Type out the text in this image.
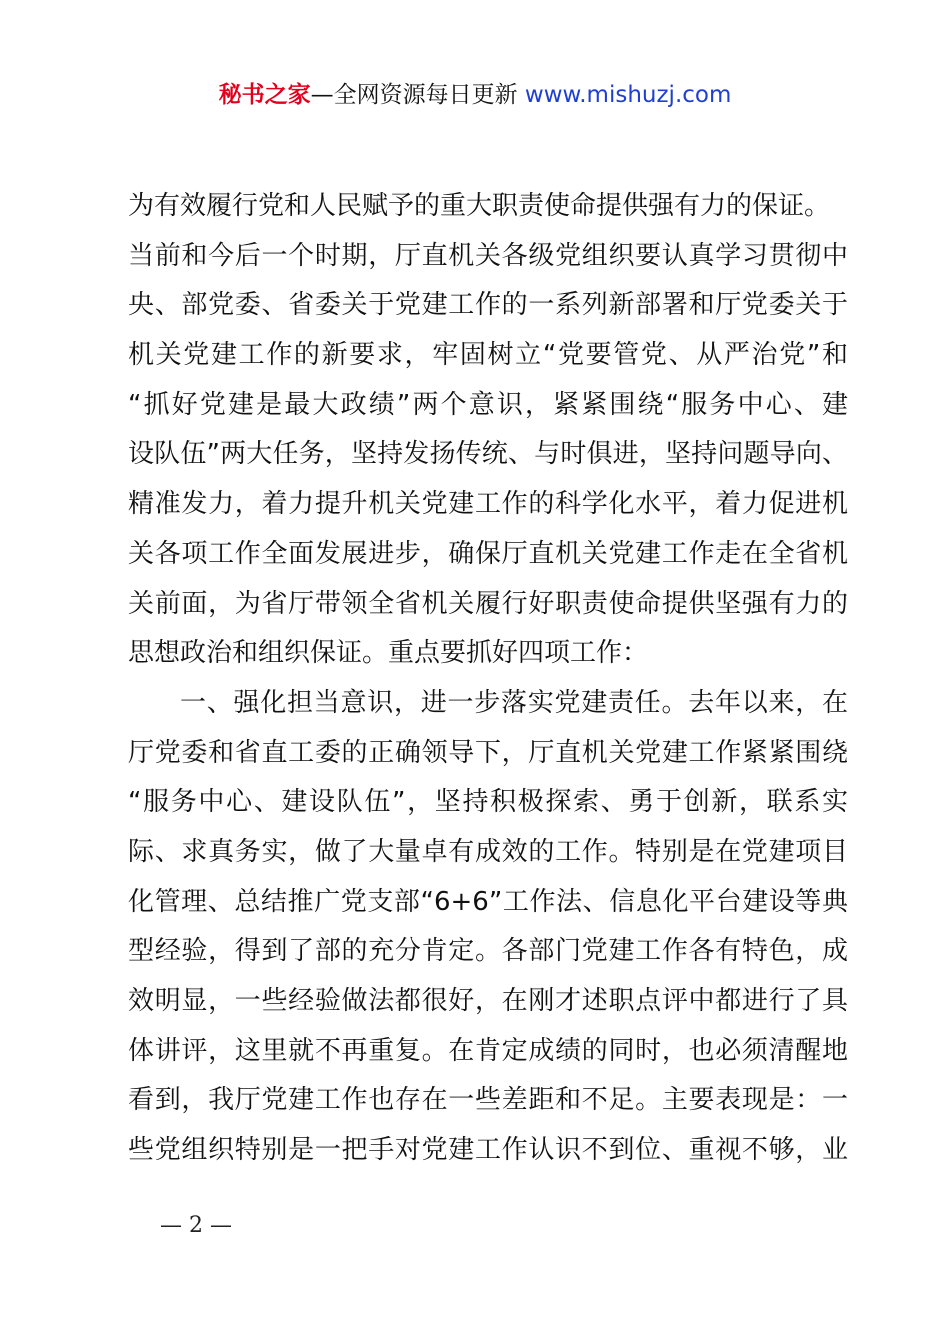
秘书之家—全网资源每日更新 www.mishuzj.com
为有效履行党和人民赋予的重大职责使命提供强有力的保证。
当前和今后一个时期，厅直机关各级党组织要认真学习贯彻中
央、部党委、省委关于党建工作的一系列新部署和厅党委关于
机关党建工作的新要求，牢固树立“党要管党、从严治党”和
“抓好党建是最大政绩”两个意识，紧紧围绕“服务中心、建
设队伍”两大任务，坚持发扬传统、与时俱进，坚持问题导向、
精准发力，着力提升机关党建工作的科学化水平，着力促进机
关各项工作全面发展进步，确保厅直机关党建工作走在全省机
关前面，为省厅带领全省机关履行好职责使命提供坚强有力的
思想政治和组织保证。重点要抓好四项工作：
一、强化担当意识，进一步落实党建责任。去年以来，在
厅党委和省直工委的正确领导下，厅直机关党建工作紧紧围绕
“服务中心、建设队伍”，坚持积极探索、勇于创新，联系实
际、求真务实，做了大量卓有成效的工作。特别是在党建项目
化管理、总结推广党支部“6+6”工作法、信息化平台建设等典
型经验，得到了部的充分肯定。各部门党建工作各有特色，成
效明显，一些经验做法都很好，在刚才述职点评中都进行了具
体讲评，这里就不再重复。在肯定成绩的同时，也必须清醒地
看到，我厅党建工作也存在一些差距和不足。主要表现是：一
些党组织特别是一把手对党建工作认识不到位、重视不够，业
— 2 —
